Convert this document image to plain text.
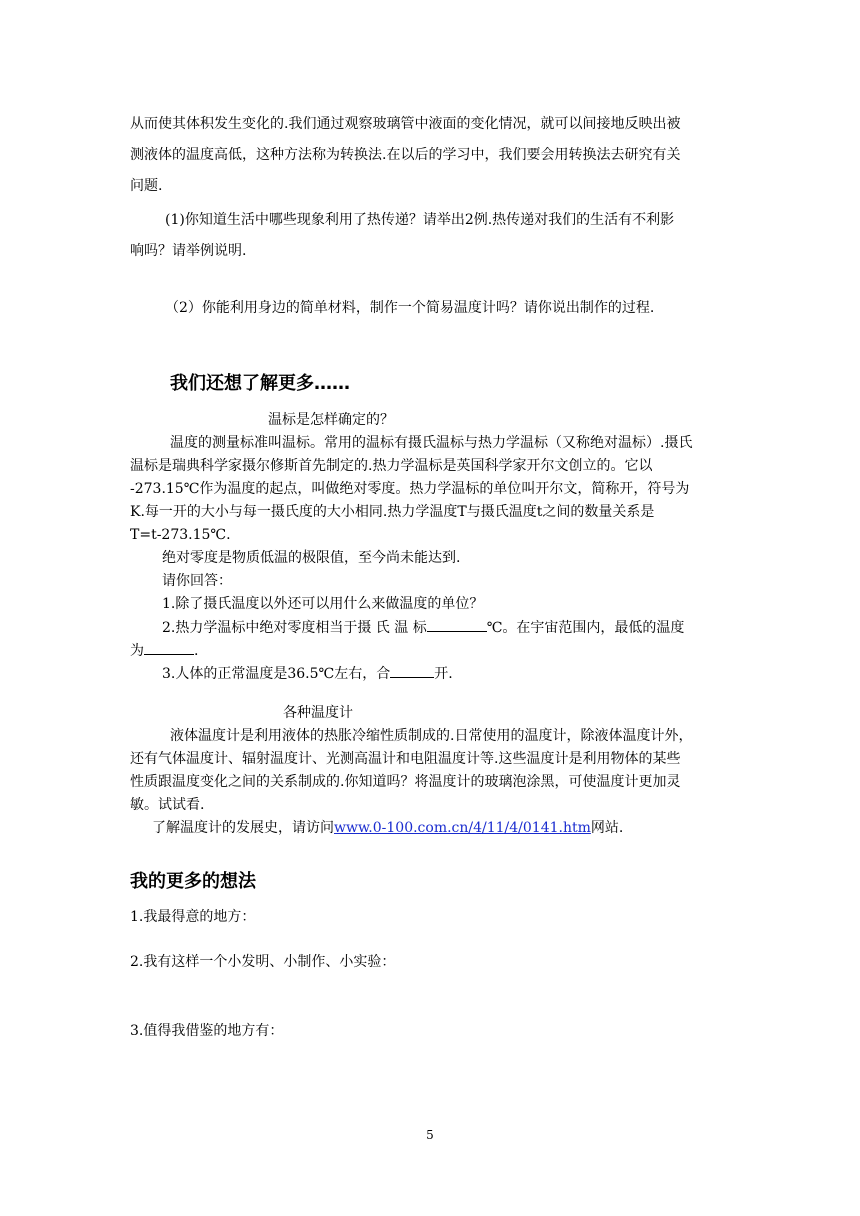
从而使其体积发生变化的.我们通过观察玻璃管中液面的变化情况，就可以间接地反映出被

测液体的温度高低，这种方法称为转换法.在以后的学习中，我们要会用转换法去研究有关

问题.

(1)你知道生活中哪些现象利用了热传递？请举出2例.热传递对我们的生活有不利影

响吗？请举例说明.

（2）你能利用身边的简单材料，制作一个简易温度计吗？请你说出制作的过程.

我们还想了解更多……

温标是怎样确定的？

温度的测量标准叫温标。常用的温标有摄氏温标与热力学温标（又称绝对温标）.摄氏

温标是瑞典科学家摄尔修斯首先制定的.热力学温标是英国科学家开尔文创立的。它以

-273.15℃作为温度的起点，叫做绝对零度。热力学温标的单位叫开尔文，简称开，符号为

K.每一开的大小与每一摄氏度的大小相同.热力学温度T与摄氏温度t之间的数量关系是

T=t-273.15℃.

绝对零度是物质低温的极限值，至今尚未能达到.

请你回答：

1.除了摄氏温度以外还可以用什么来做温度的单位？

2.热力学温标中绝对零度相当于摄 氏 温 标	℃。在宇宙范围内，最低的温度

为	.

3.人体的正常温度是36.5℃左右，合	开.

各种温度计

液体温度计是利用液体的热胀冷缩性质制成的.日常使用的温度计，除液体温度计外，

还有气体温度计、辐射温度计、光测高温计和电阻温度计等.这些温度计是利用物体的某些

性质跟温度变化之间的关系制成的.你知道吗？将温度计的玻璃泡涂黑，可使温度计更加灵

敏。试试看.

了解温度计的发展史，请访问www.0-100.com.cn/4/11/4/0141.htm网站.

我的更多的想法

1.我最得意的地方：

2.我有这样一个小发明、小制作、小实验：

3.值得我借鉴的地方有：

5
